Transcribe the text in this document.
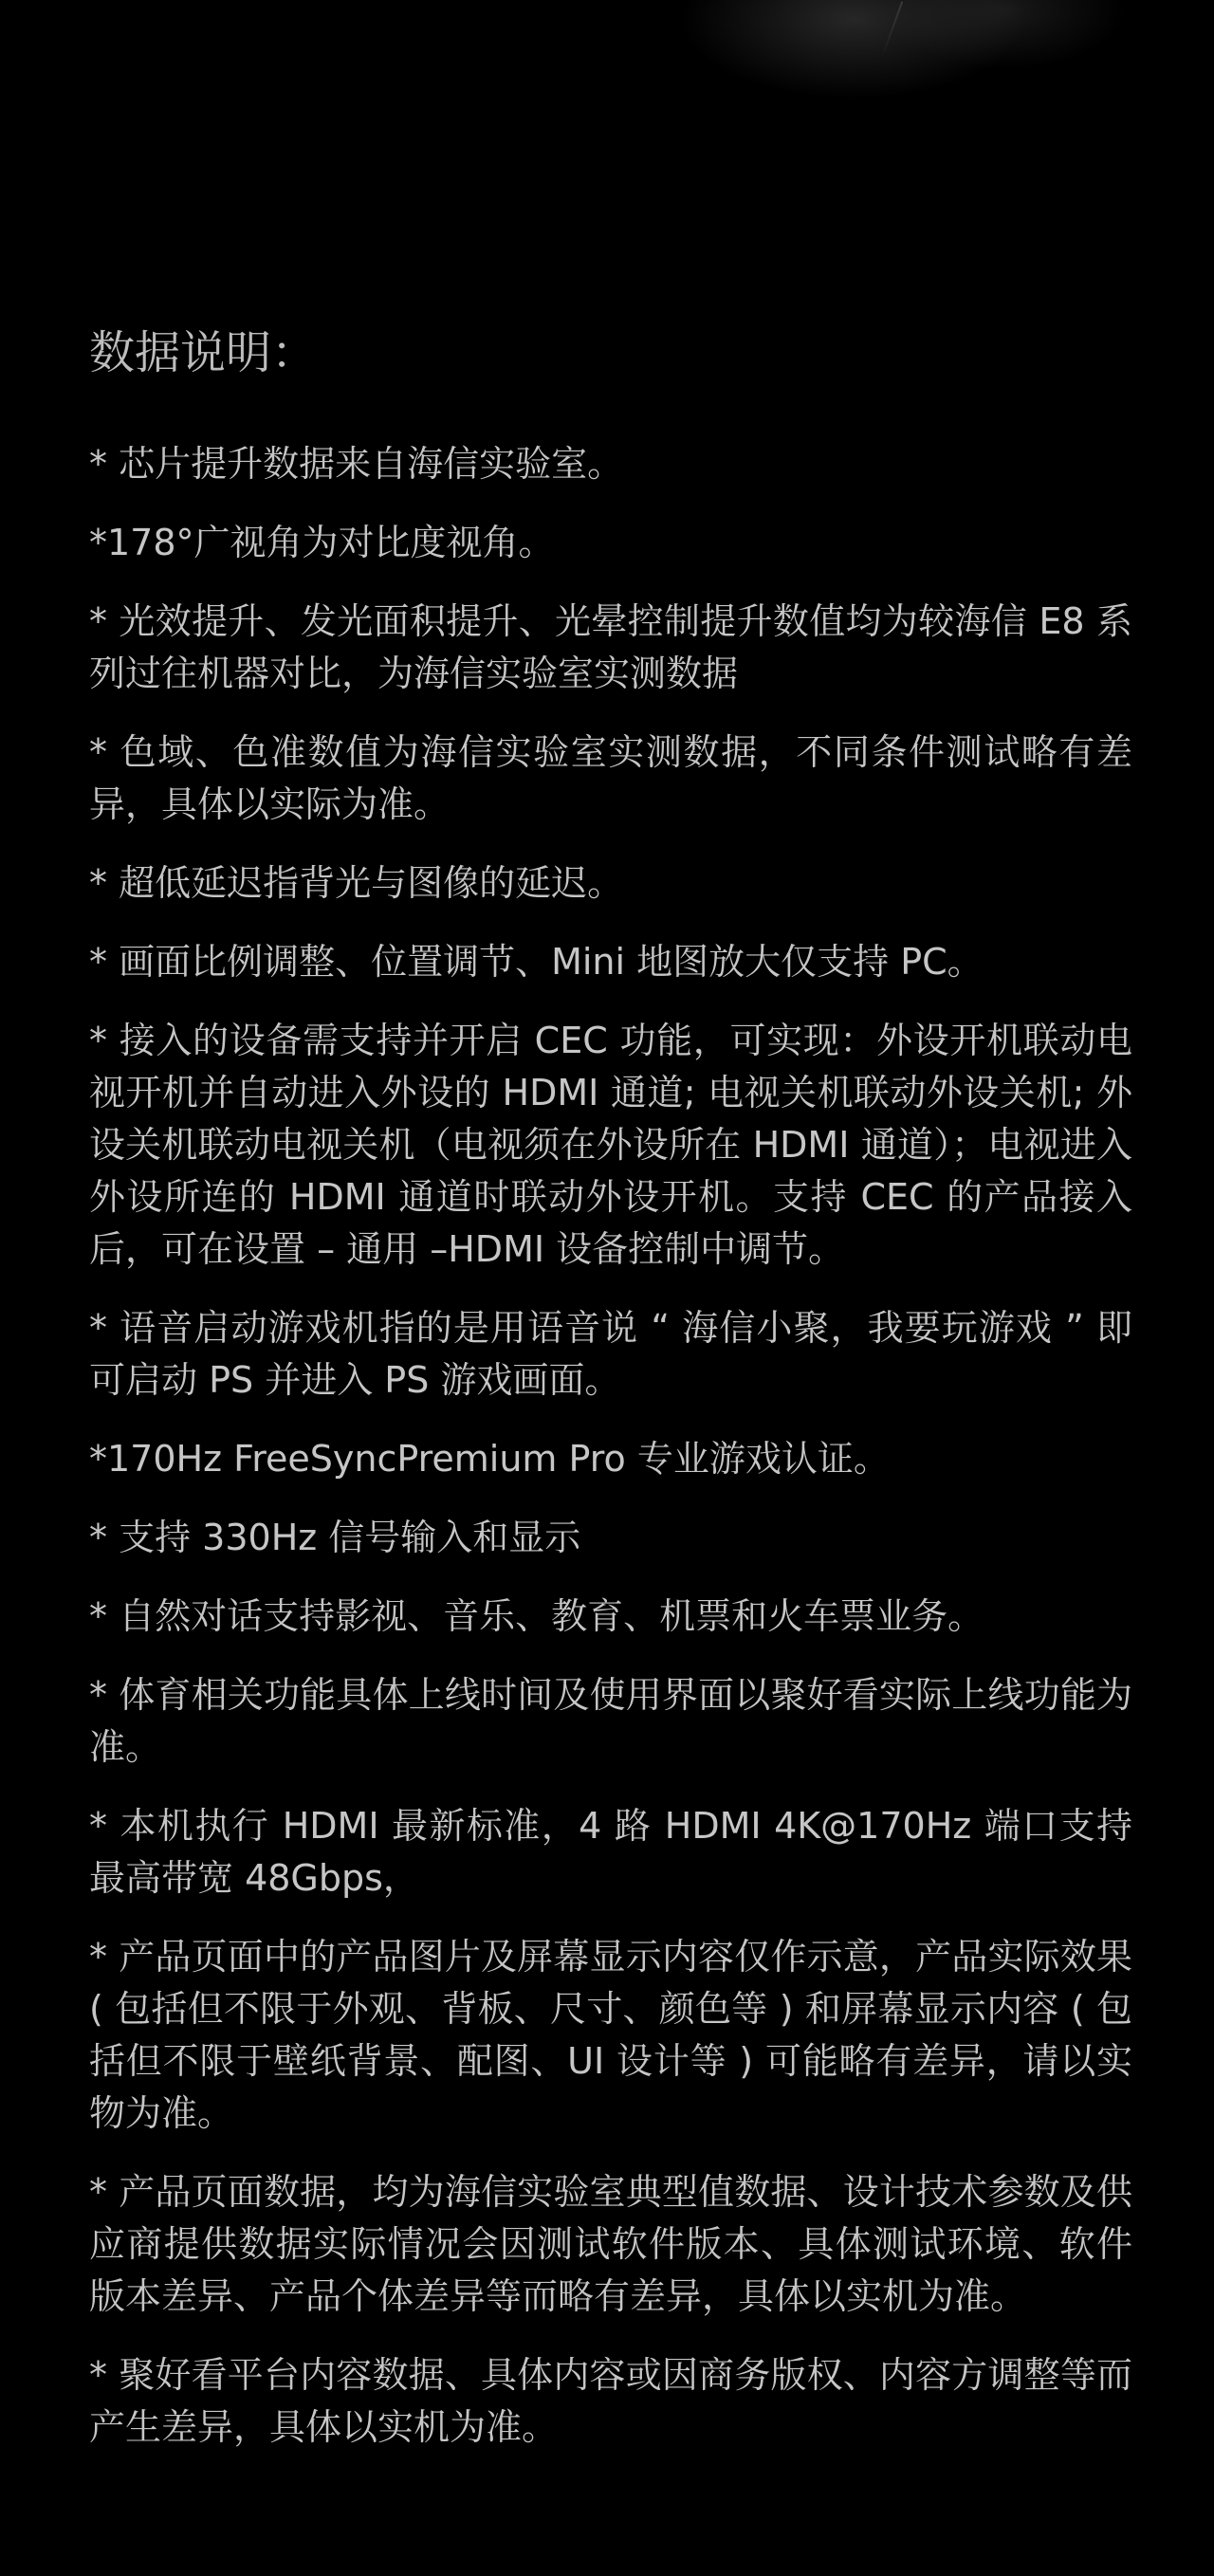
数据说明：
* 芯片提升数据来自海信实验室。
*178°广视角为对比度视角。
* 光效提升、发光面积提升、光晕控制提升数值均为较海信 E8 系列过往机器对比，为海信实验室实测数据
* 色域、色准数值为海信实验室实测数据，不同条件测试略有差异，具体以实际为准。
* 超低延迟指背光与图像的延迟。
* 画面比例调整、位置调节、Mini 地图放大仅支持 PC。
* 接入的设备需支持并开启 CEC 功能，可实现：外设开机联动电视开机并自动进入外设的 HDMI 通道; 电视关机联动外设关机; 外设关机联动电视关机（电视须在外设所在 HDMI 通道）；电视进入外设所连的 HDMI 通道时联动外设开机。支持 CEC 的产品接入后，可在设置 – 通用 –HDMI 设备控制中调节。
* 语音启动游戏机指的是用语音说 “ 海信小聚，我要玩游戏 ” 即可启动 PS 并进入 PS 游戏画面。
*170Hz FreeSyncPremium Pro 专业游戏认证。
* 支持 330Hz 信号输入和显示
* 自然对话支持影视、音乐、教育、机票和火车票业务。
* 体育相关功能具体上线时间及使用界面以聚好看实际上线功能为准。
* 本机执行 HDMI 最新标准，4 路 HDMI 4K@170Hz 端口支持最高带宽 48Gbps，
* 产品页面中的产品图片及屏幕显示内容仅作示意，产品实际效果 ( 包括但不限于外观、背板、尺寸、颜色等 ) 和屏幕显示内容 ( 包括但不限于壁纸背景、配图、UI 设计等 ) 可能略有差异，请以实物为准。
* 产品页面数据，均为海信实验室典型值数据、设计技术参数及供应商提供数据实际情况会因测试软件版本、具体测试环境、软件版本差异、产品个体差异等而略有差异，具体以实机为准。
* 聚好看平台内容数据、具体内容或因商务版权、内容方调整等而产生差异，具体以实机为准。
